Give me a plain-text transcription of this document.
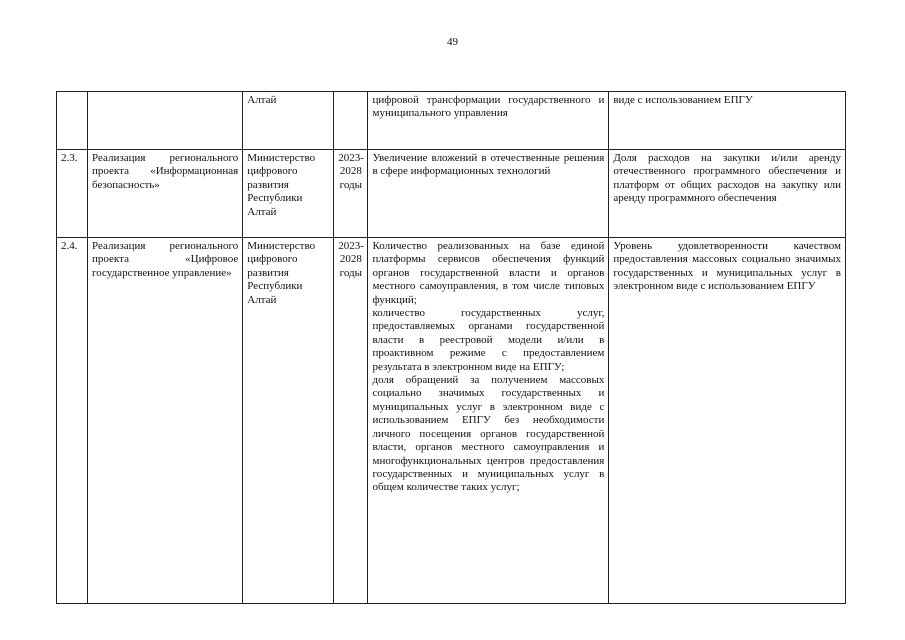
49
		Алтай		цифровой трансформации государственного и муниципального управления	виде с использованием ЕПГУ
2.3.	Реализация регионального проекта «Информационная безопасность»	Министерство цифрового развития Республики Алтай	2023-2028 годы	Увеличение вложений в отечественные решения в сфере информационных технологий	Доля расходов на закупки и/или аренду отечественного программного обеспечения и платформ от общих расходов на закупку или аренду программного обеспечения
2.4.	Реализация регионального проекта «Цифровое государственное управление»	Министерство цифрового развития Республики Алтай	2023-2028 годы	Количество реализованных на базе единой платформы сервисов обеспечения функций органов государственной власти и органов местного самоуправления, в том числе типовых функций;
количество государственных услуг, предоставляемых органами государственной власти в реестровой модели и/или в проактивном режиме с предоставлением результата в электронном виде на ЕПГУ;
доля обращений за получением массовых социально значимых государственных и муниципальных услуг в электронном виде с использованием ЕПГУ без необходимости личного посещения органов государственной власти, органов местного самоуправления и многофункциональных центров предоставления государственных и муниципальных услуг в общем количестве таких услуг;	Уровень удовлетворенности качеством предоставления массовых социально значимых государственных и муниципальных услуг в электронном виде с использованием ЕПГУ
